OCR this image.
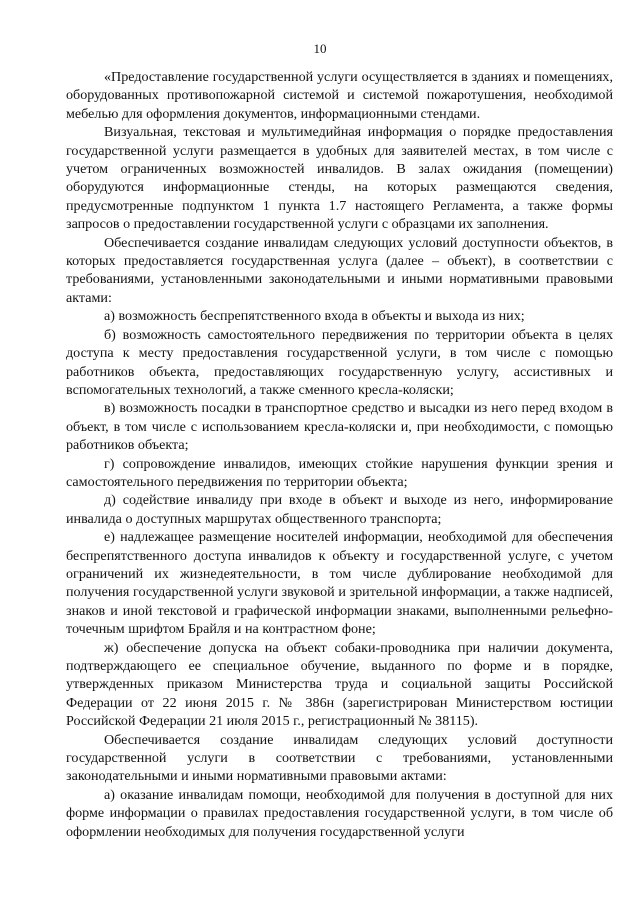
10

«Предоставление государственной услуги осуществляется в зданиях и помещениях, оборудованных противопожарной системой и системой пожаротушения, необходимой мебелью для оформления документов, информационными стендами.

Визуальная, текстовая и мультимедийная информация о порядке предоставления государственной услуги размещается в удобных для заявителей местах, в том числе с учетом ограниченных возможностей инвалидов. В залах ожидания (помещении) оборудуются информационные стенды, на которых размещаются сведения, предусмотренные подпунктом 1 пункта 1.7 настоящего Регламента, а также формы запросов о предоставлении государственной услуги с образцами их заполнения.

Обеспечивается создание инвалидам следующих условий доступности объектов, в которых предоставляется государственная услуга (далее – объект), в соответствии с требованиями, установленными законодательными и иными нормативными правовыми актами:

а) возможность беспрепятственного входа в объекты и выхода из них;

б) возможность самостоятельного передвижения по территории объекта в целях доступа к месту предоставления государственной услуги, в том числе с помощью работников объекта, предоставляющих государственную услугу, ассистивных и вспомогательных технологий, а также сменного кресла-коляски;

в) возможность посадки в транспортное средство и высадки из него перед входом в объект, в том числе с использованием кресла-коляски и, при необходимости, с помощью работников объекта;

г) сопровождение инвалидов, имеющих стойкие нарушения функции зрения и самостоятельного передвижения по территории объекта;

д) содействие инвалиду при входе в объект и выходе из него, информирование инвалида о доступных маршрутах общественного транспорта;

е) надлежащее размещение носителей информации, необходимой для обеспечения беспрепятственного доступа инвалидов к объекту и государственной услуге, с учетом ограничений их жизнедеятельности, в том числе дублирование необходимой для получения государственной услуги звуковой и зрительной информации, а также надписей, знаков и иной текстовой и графической информации знаками, выполненными рельефно-точечным шрифтом Брайля и на контрастном фоне;

ж) обеспечение допуска на объект собаки-проводника при наличии документа, подтверждающего ее специальное обучение, выданного по форме и в порядке, утвержденных приказом Министерства труда и социальной защиты Российской Федерации от 22 июня 2015 г. № 386н (зарегистрирован Министерством юстиции Российской Федерации 21 июля 2015 г., регистрационный № 38115).

Обеспечивается создание инвалидам следующих условий доступности государственной услуги в соответствии с требованиями, установленными законодательными и иными нормативными правовыми актами:

а) оказание инвалидам помощи, необходимой для получения в доступной для них форме информации о правилах предоставления государственной услуги, в том числе об оформлении необходимых для получения государственной услуги
